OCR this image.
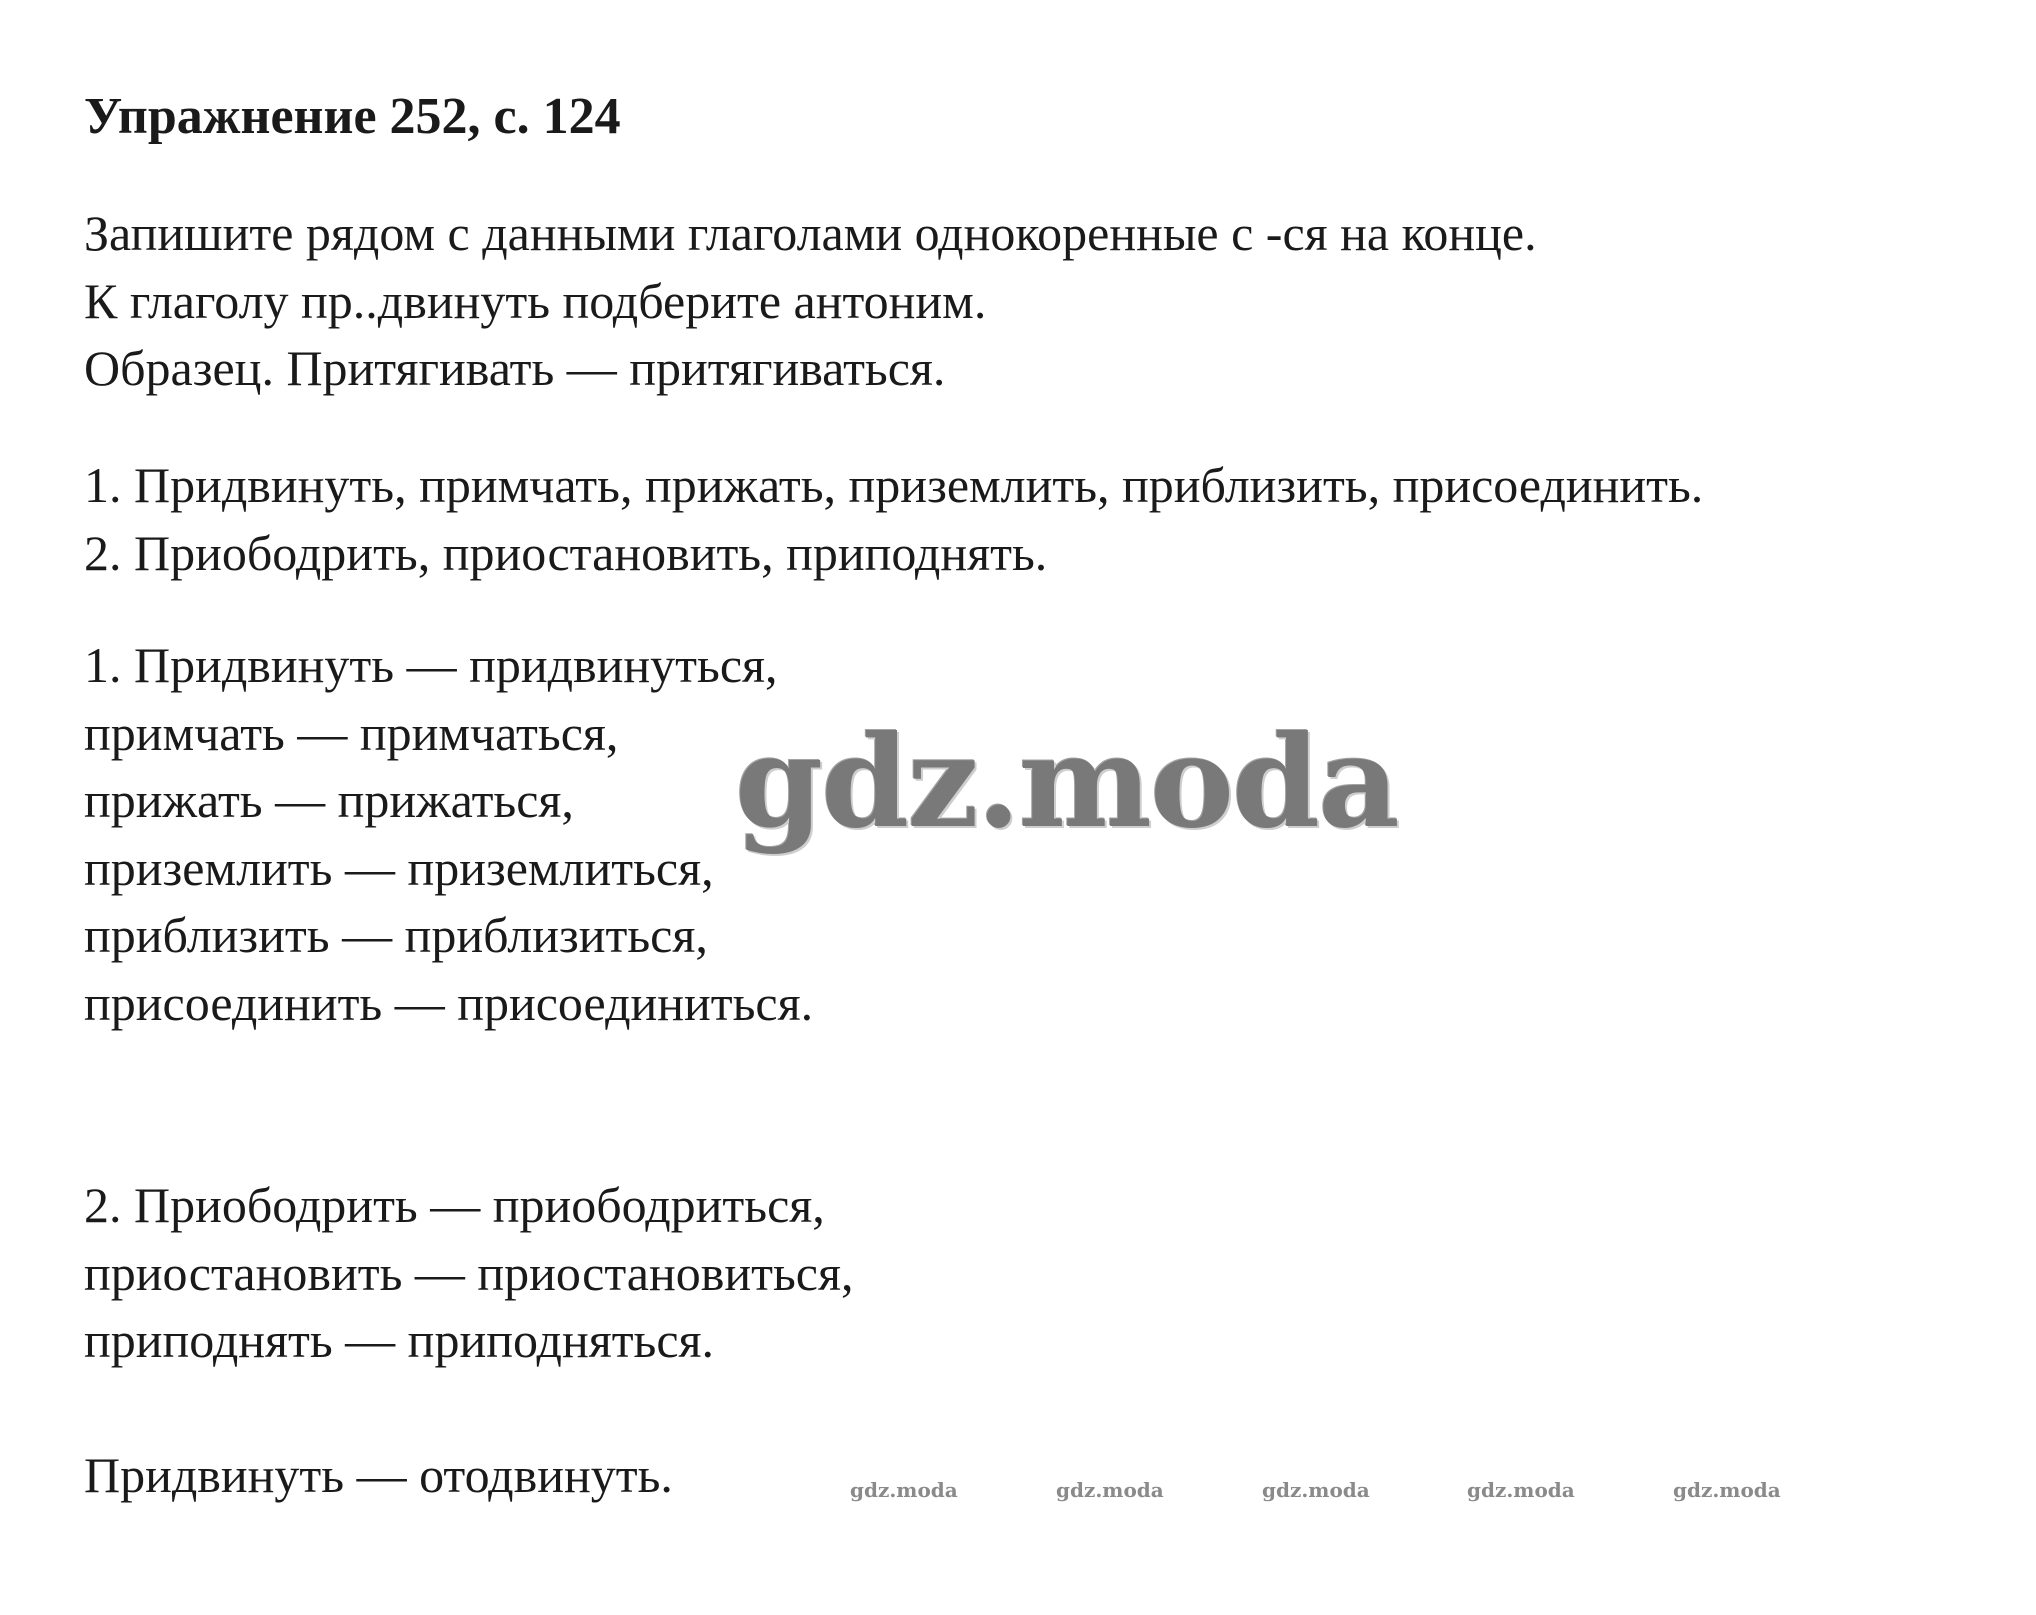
Упражнение 252, с. 124
Запишите рядом с данными глаголами однокоренные с -ся на конце.
К глаголу пр..двинуть подберите антоним.
Образец. Притягивать — притягиваться.
1. Придвинуть, примчать, прижать, приземлить, приблизить, присоединить.
2. Приободрить, приостановить, приподнять.
1. Придвинуть — придвинуться,
примчать — примчаться,
прижать — прижаться,
приземлить — приземлиться,
приблизить — приблизиться,
присоединить — присоединиться.
2. Приободрить — приободриться,
приостановить — приостановиться,
приподнять — приподняться.
Придвинуть — отодвинуть.
gdz.moda
gdz.moda	gdz.moda	gdz.moda	gdz.moda	gdz.moda
